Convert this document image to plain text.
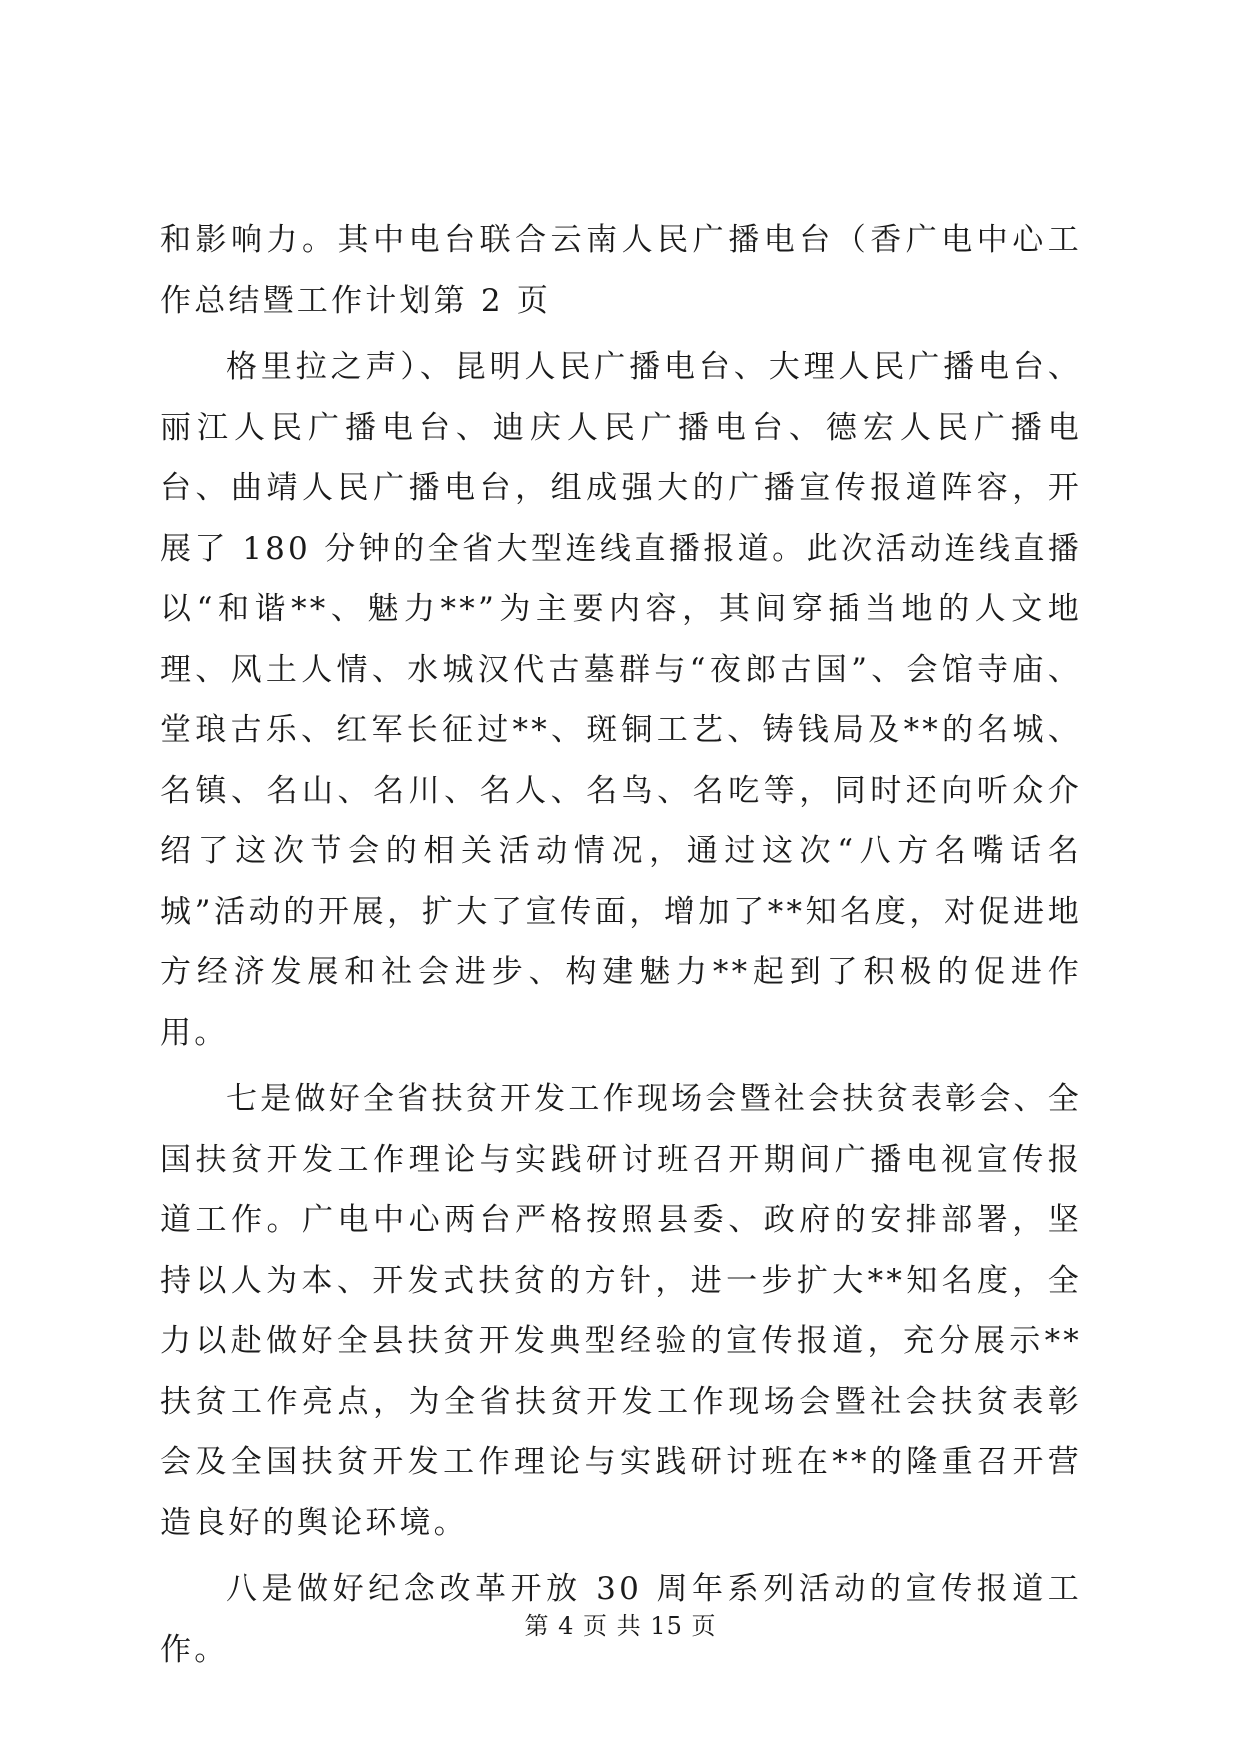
和影响力。其中电台联合云南人民广播电台（香广电中心工作总结暨工作计划第 2 页

格里拉之声）、昆明人民广播电台、大理人民广播电台、丽江人民广播电台、迪庆人民广播电台、德宏人民广播电台、曲靖人民广播电台，组成强大的广播宣传报道阵容，开展了 180 分钟的全省大型连线直播报道。此次活动连线直播以“和谐**、魅力**”为主要内容，其间穿插当地的人文地理、风土人情、水城汉代古墓群与“夜郎古国”、会馆寺庙、堂琅古乐、红军长征过**、斑铜工艺、铸钱局及**的名城、名镇、名山、名川、名人、名鸟、名吃等，同时还向听众介绍了这次节会的相关活动情况，通过这次“八方名嘴话名城”活动的开展，扩大了宣传面，增加了**知名度，对促进地方经济发展和社会进步、构建魅力**起到了积极的促进作用。

七是做好全省扶贫开发工作现场会暨社会扶贫表彰会、全国扶贫开发工作理论与实践研讨班召开期间广播电视宣传报道工作。广电中心两台严格按照县委、政府的安排部署，坚持以人为本、开发式扶贫的方针，进一步扩大**知名度，全力以赴做好全县扶贫开发典型经验的宣传报道，充分展示**扶贫工作亮点，为全省扶贫开发工作现场会暨社会扶贫表彰会及全国扶贫开发工作理论与实践研讨班在**的隆重召开营造良好的舆论环境。

八是做好纪念改革开放 30 周年系列活动的宣传报道工作。

第 4 页 共 15 页
